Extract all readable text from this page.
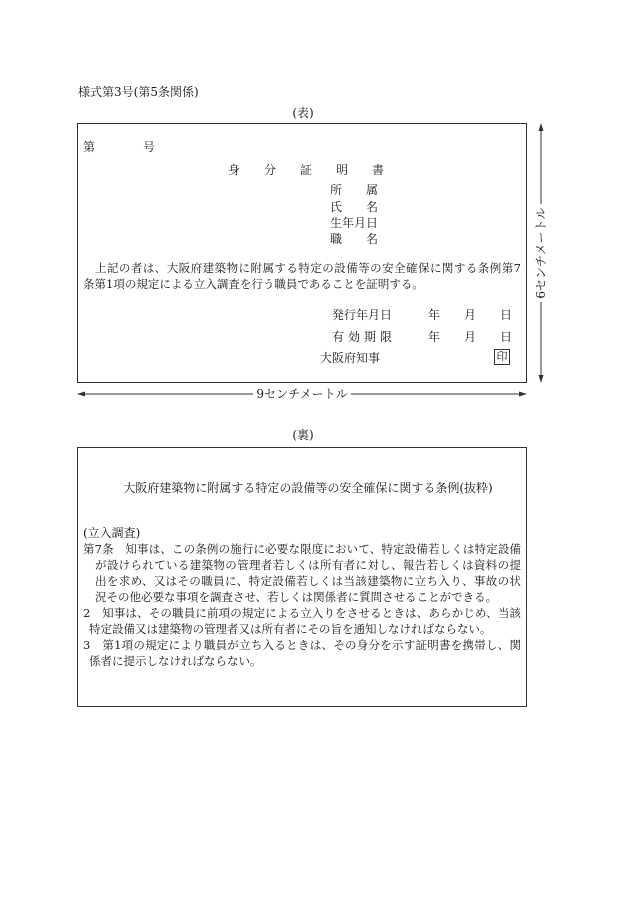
様式第3号(第5条関係)
(表)
第　　　　号
身分証明書
所　属
氏　名
生年月日
職　名
上記の者は、大阪府建築物に附属する特定の設備等の安全確保に関する条例第7
条第1項の規定による立入調査を行う職員であることを証明する。
発行年月日	年　　月　　日
有効期限	年　　月　　日
大阪府知事	印
6センチメートル
9センチメートル
(裏)
大阪府建築物に附属する特定の設備等の安全確保に関する条例(抜粋)
(立入調査)
第7条　知事は、この条例の施行に必要な限度において、特定設備若しくは特定設備
が設けられている建築物の管理者若しくは所有者に対し、報告若しくは資料の提
出を求め、又はその職員に、特定設備若しくは当該建築物に立ち入り、事故の状
況その他必要な事項を調査させ、若しくは関係者に質問させることができる。
2　知事は、その職員に前項の規定による立入りをさせるときは、あらかじめ、当該
特定設備又は建築物の管理者又は所有者にその旨を通知しなければならない。
3　第1項の規定により職員が立ち入るときは、その身分を示す証明書を携帯し、関
係者に提示しなければならない。
